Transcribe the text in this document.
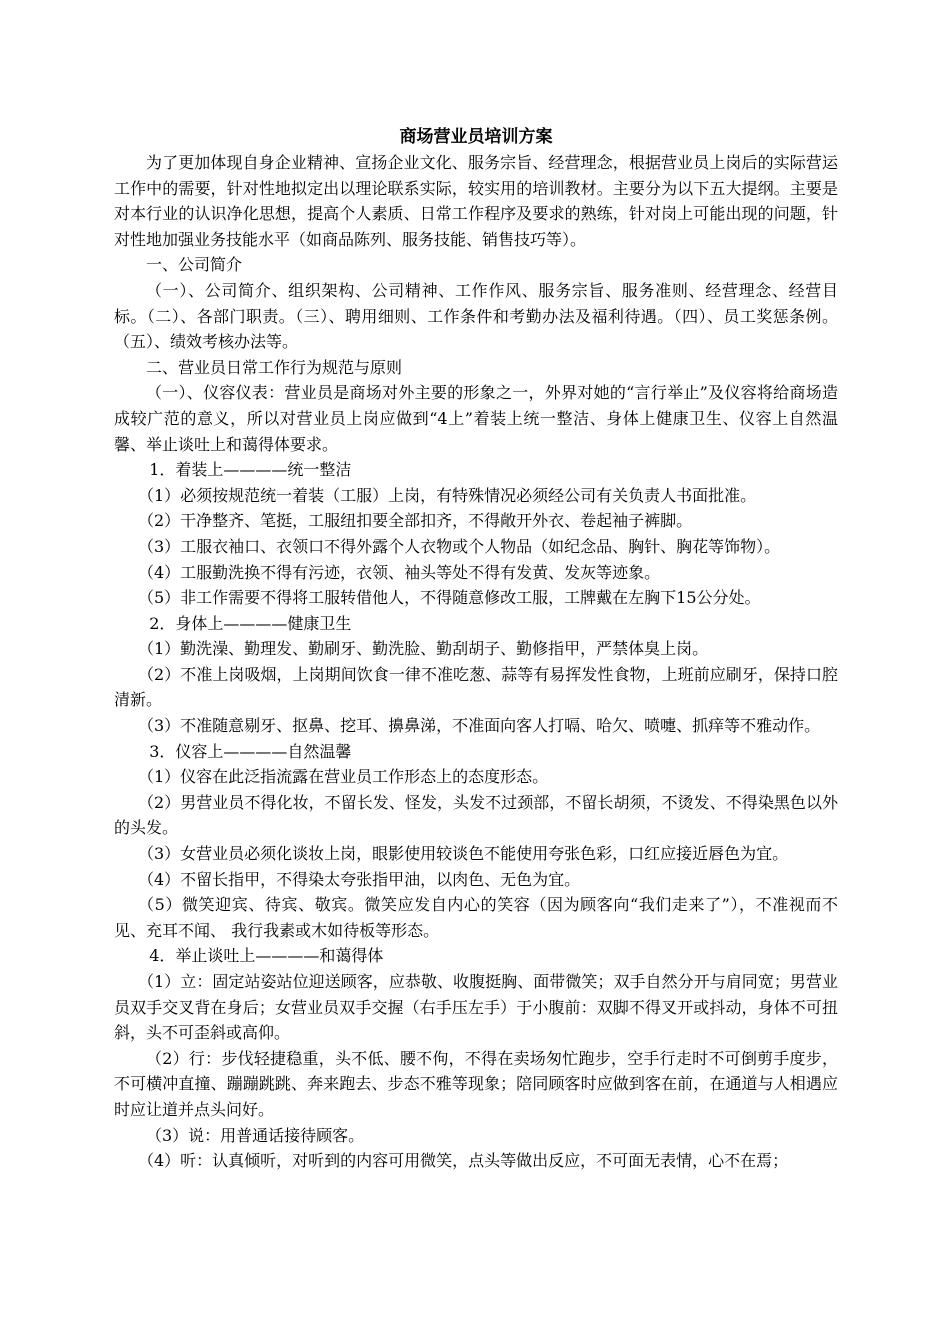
商场营业员培训方案

为了更加体现自身企业精神、宣扬企业文化、服务宗旨、经营理念，根据营业员上岗后的实际营运工作中的需要，针对性地拟定出以理论联系实际，较实用的培训教材。主要分为以下五大提纲。主要是对本行业的认识净化思想，提高个人素质、日常工作程序及要求的熟练，针对岗上可能出现的问题，针对性地加强业务技能水平（如商品陈列、服务技能、销售技巧等）。

一、公司简介

（一）、公司简介、组织架构、公司精神、工作作风、服务宗旨、服务准则、经营理念、经营目标。（二）、各部门职责。（三）、聘用细则、工作条件和考勤办法及福利待遇。（四）、员工奖惩条例。（五）、绩效考核办法等。

二、营业员日常工作行为规范与原则

（一）、仪容仪表：营业员是商场对外主要的形象之一，外界对她的“言行举止”及仪容将给商场造成较广范的意义，所以对营业员上岗应做到“4上”着装上统一整洁、身体上健康卫生、仪容上自然温馨、举止谈吐上和蔼得体要求。

1．着装上————统一整洁

（1）必须按规范统一着装（工服）上岗，有特殊情况必须经公司有关负责人书面批准。

（2）干净整齐、笔挺，工服纽扣要全部扣齐，不得敞开外衣、卷起袖子裤脚。

（3）工服衣袖口、衣领口不得外露个人衣物或个人物品（如纪念品、胸针、胸花等饰物）。

（4）工服勤洗换不得有污迹，衣领、袖头等处不得有发黄、发灰等迹象。

（5）非工作需要不得将工服转借他人，不得随意修改工服，工牌戴在左胸下15公分处。

2．身体上————健康卫生

（1）勤洗澡、勤理发、勤刷牙、勤洗脸、勤刮胡子、勤修指甲，严禁体臭上岗。

（2）不准上岗吸烟，上岗期间饮食一律不准吃葱、蒜等有易挥发性食物，上班前应刷牙，保持口腔清新。

（3）不准随意剔牙、抠鼻、挖耳、擤鼻涕，不准面向客人打嗝、哈欠、喷嚏、抓痒等不雅动作。

3．仪容上————自然温馨

（1）仪容在此泛指流露在营业员工作形态上的态度形态。

（2）男营业员不得化妆，不留长发、怪发，头发不过颈部，不留长胡须，不烫发、不得染黑色以外的头发。

（3）女营业员必须化谈妆上岗，眼影使用较谈色不能使用夸张色彩，口红应接近唇色为宜。

（4）不留长指甲，不得染太夸张指甲油，以肉色、无色为宜。

（5）微笑迎宾、待宾、敬宾。微笑应发自内心的笑容（因为顾客向“我们走来了”），不准视而不见、充耳不闻、 我行我素或木如待板等形态。

4．举止谈吐上————和蔼得体

（1）立：固定站姿站位迎送顾客，应恭敬、收腹挺胸、面带微笑；双手自然分开与肩同宽；男营业员双手交叉背在身后；女营业员双手交握（右手压左手）于小腹前：双脚不得叉开或抖动，身体不可扭斜，头不可歪斜或高仰。

（2）行：步伐轻捷稳重，头不低、腰不佝，不得在卖场匆忙跑步，空手行走时不可倒剪手度步，不可横冲直撞、蹦蹦跳跳、奔来跑去、步态不雅等现象；陪同顾客时应做到客在前，在通道与人相遇应时应让道并点头问好。

（3）说：用普通话接待顾客。

（4）听：认真倾听，对听到的内容可用微笑，点头等做出反应，不可面无表情，心不在焉；
